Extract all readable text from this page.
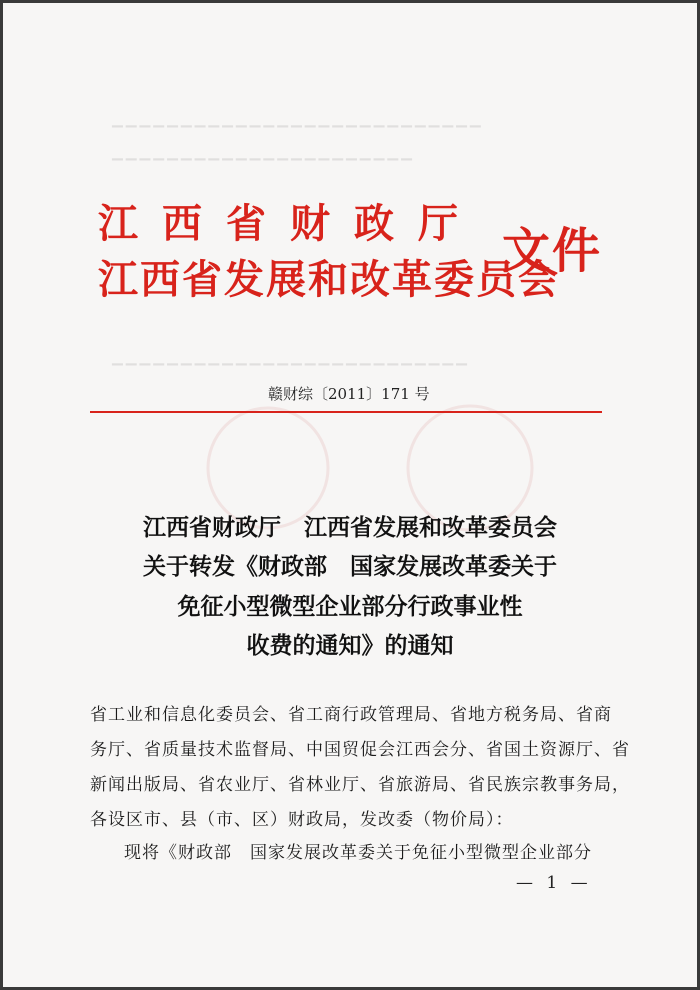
▁▁▁▁▁▁▁▁▁▁▁▁▁▁▁▁▁▁▁▁▁▁▁▁▁▁▁
▁▁▁▁▁▁▁▁▁▁▁▁▁▁▁▁▁▁▁▁▁▁
▁▁▁▁▁▁▁▁▁▁▁▁▁▁▁▁▁▁▁▁▁▁▁▁▁▁
江西省财政厅
江西省发展和改革委员会
文件
赣财综〔2011〕171 号
江西省财政厅　江西省发展和改革委员会
关于转发《财政部　国家发展改革委关于
免征小型微型企业部分行政事业性
收费的通知》的通知
省工业和信息化委员会、省工商行政管理局、省地方税务局、省商
务厅、省质量技术监督局、中国贸促会江西会分、省国土资源厅、省
新闻出版局、省农业厅、省林业厅、省旅游局、省民族宗教事务局，
各设区市、县（市、区）财政局，发改委（物价局）：
现将《财政部　国家发展改革委关于免征小型微型企业部分
— 1 —
